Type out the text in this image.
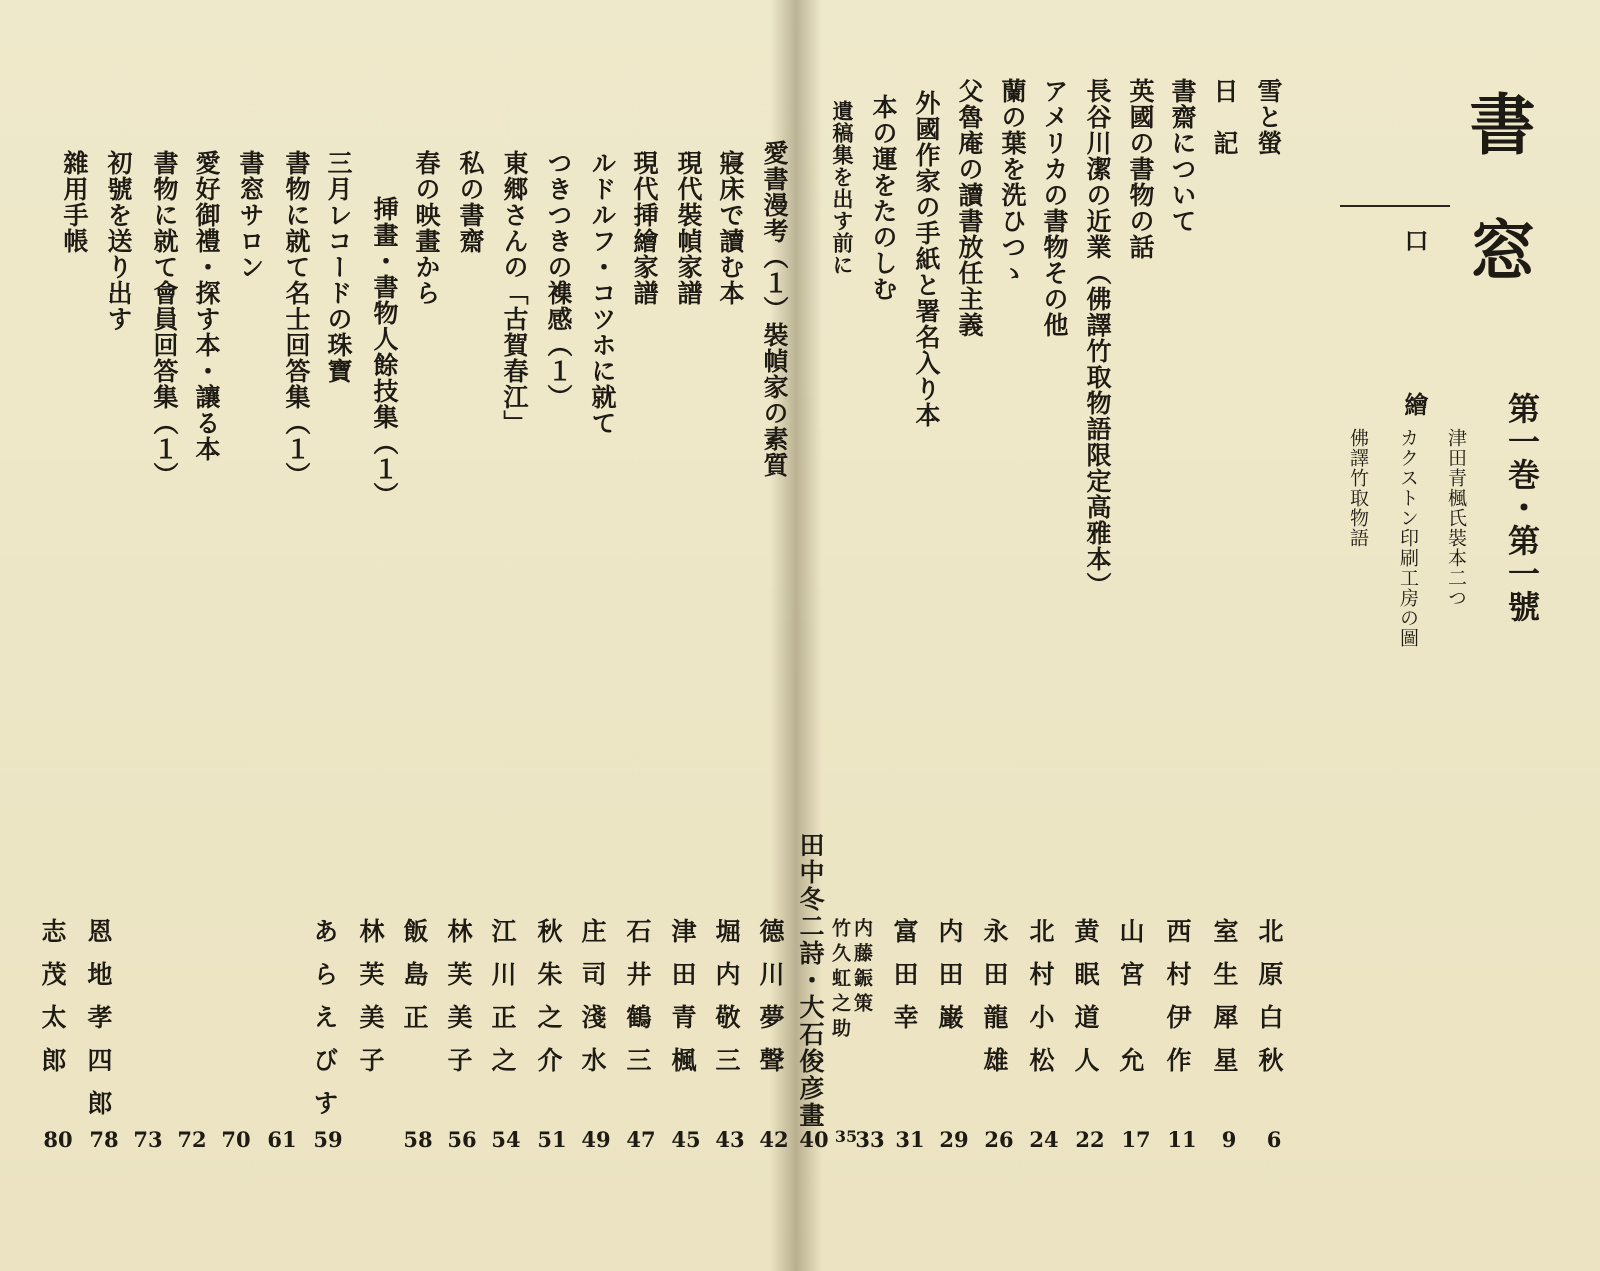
書窓
第一巻・第一號
口　繪
津田青楓氏裝本二つ
カクストン印刷工房の圖
佛譯竹取物語
雪と螢
日　記
書齋について
英國の書物の話
長谷川潔の近業（佛譯竹取物語限定高雅本）
アメリカの書物その他
蘭の葉を洗ひつゝ
父魯庵の讀書放任主義
外國作家の手紙と署名入り本
本の運をたのしむ
遺稿集を出す前に
愛書漫考（１）裝幀家の素質
寢床で讀む本
現代裝幀家譜
現代挿繪家譜
ルドルフ・コツホに就て
つきつきの襍感（１）
東郷さんの「古賀春江」
私の書齋
春の映畫から
挿畫・書物人餘技集（１）
三月レコードの珠寶
書物に就て名士回答集（１）
書窓サロン
愛好御禮・探す本・讓る本
書物に就て會員回答集（１）
初號を送り出す
雜用手帳
北原白秋
室生犀星
西村伊作
山宮　允
黄眠道人
北村小松
永田龍雄
内田巌
富田幸
内藤鋠策
竹久虹之助
田中冬二詩・大石俊彦畫
德川夢聲
堀内敬三
津田青楓
石井鶴三
庄司淺水
秋朱之介
江川正之
林芙美子
飯島正
林芙美子
あらえびす
恩地孝四郎
志茂太郎
6
9
11
17
22
24
26
29
31
33
35
40
42
43
45
47
49
51
54
56
58
59
61
70
72
73
78
80
